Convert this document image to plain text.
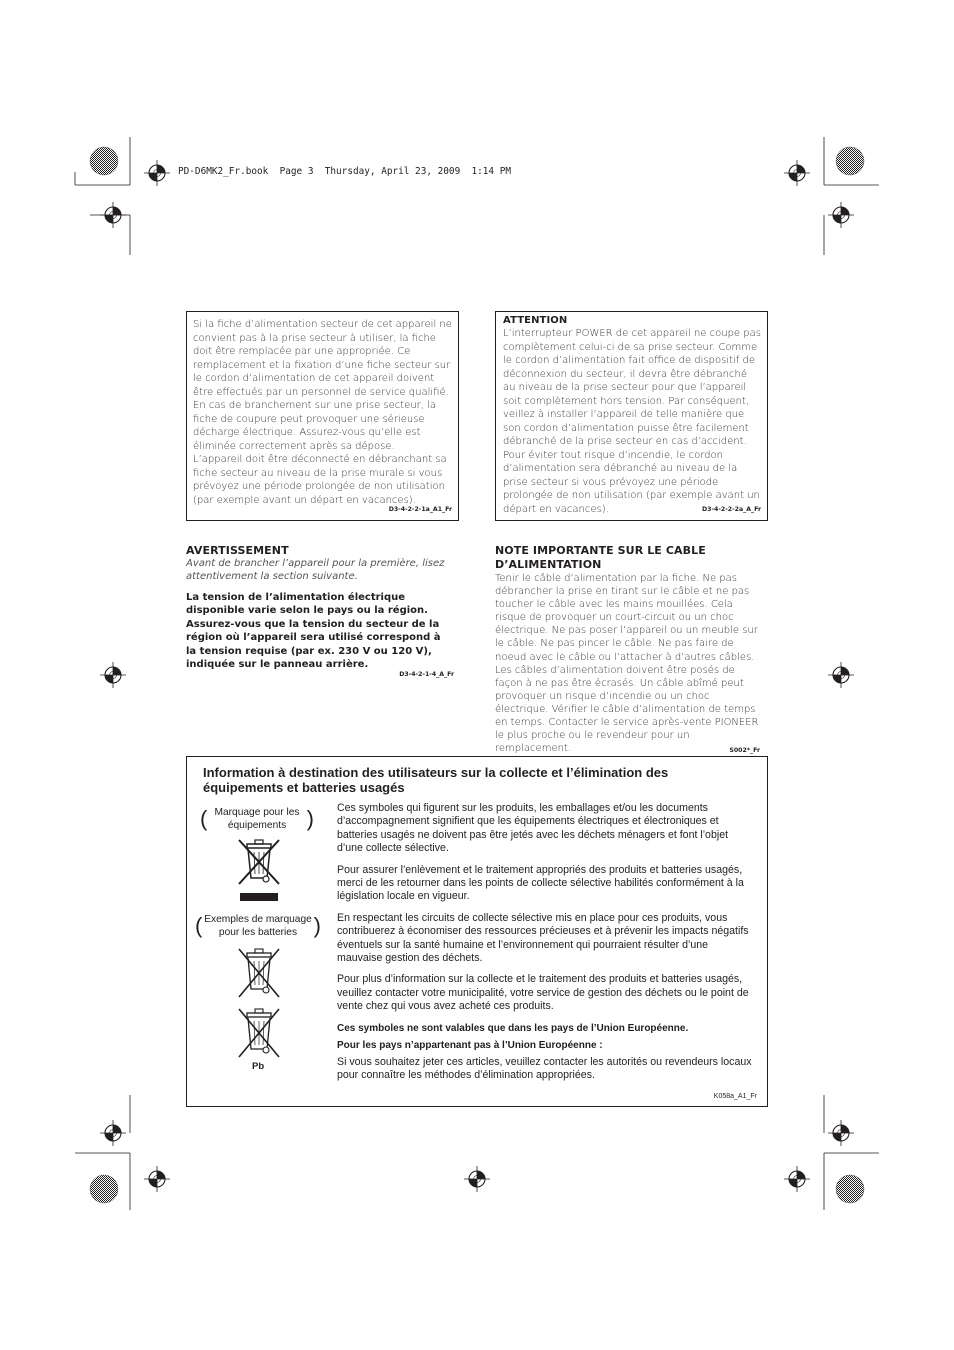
PD-D6MK2_Fr.book  Page 3  Thursday, April 23, 2009  1:14 PM

Si la fiche d’alimentation secteur de cet appareil ne convient pas à la prise secteur à utiliser, la fiche doit être remplacée par une appropriée. Ce remplacement et la fixation d’une fiche secteur sur le cordon d’alimentation de cet appareil doivent être effectués par un personnel de service qualifié. En cas de branchement sur une prise secteur, la fiche de coupure peut provoquer une sérieuse décharge électrique. Assurez-vous qu’elle est éliminée correctement après sa dépose.

L’appareil doit être déconnecté en débranchant sa fiche secteur au niveau de la prise murale si vous prévoyez une période prolongée de non utilisation (par exemple avant un départ en vacances).

D3-4-2-2-1a_A1_Fr
ATTENTION

L’interrupteur POWER de cet appareil ne coupe pas complètement celui-ci de sa prise secteur. Comme le cordon d’alimentation fait office de dispositif de déconnexion du secteur, il devra être débranché au niveau de la prise secteur pour que l’appareil soit complètement hors tension. Par conséquent, veillez à installer l’appareil de telle manière que son cordon d’alimentation puisse être facilement débranché de la prise secteur en cas d’accident. Pour éviter tout risque d’incendie, le cordon d’alimentation sera débranché au niveau de la prise secteur si vous prévoyez une période prolongée de non utilisation (par exemple avant un départ en vacances).	D3-4-2-2-2a_A_Fr
AVERTISSEMENT
Avant de brancher l’appareil pour la première, lisez attentivement la section suivante.
La tension de l’alimentation électrique disponible varie selon le pays ou la région. Assurez-vous que la tension du secteur de la région où l’appareil sera utilisé correspond à la tension requise (par ex. 230 V ou 120 V), indiquée sur le panneau arrière.
D3-4-2-1-4_A_Fr
NOTE IMPORTANTE SUR LE CABLE D’ALIMENTATION

Tenir le câble d’alimentation par la fiche. Ne pas débrancher la prise en tirant sur le câble et ne pas toucher le câble avec les mains mouillées. Cela risque de provoquer un court-circuit ou un choc électrique. Ne pas poser l’appareil ou un meuble sur le câble. Ne pas pincer le câble. Ne pas faire de noeud avec le câble ou l’attacher à d’autres câbles. Les câbles d’alimentation doivent être posés de façon à ne pas être écrasés. Un câble abîmé peut provoquer un risque d’incendie ou un choc électrique. Vérifier le câble d’alimentation de temps en temps. Contacter le service après-vente PIONEER le plus proche ou le revendeur pour un remplacement.	S002*_Fr
Information à destination des utilisateurs sur la collecte et l’élimination des équipements et batteries usagés
( Marquage pour les équipements )
( Exemples de marquage pour les batteries )
Pb

Ces symboles qui figurent sur les produits, les emballages et/ou les documents d’accompagnement signifient que les équipements électriques et électroniques et batteries usagés ne doivent pas être jetés avec les déchets ménagers et font l’objet d’une collecte sélective.

Pour assurer l’enlèvement et le traitement appropriés des produits et batteries usagés, merci de les retourner dans les points de collecte sélective habilités conformément à la législation locale en vigueur.

En respectant les circuits de collecte sélective mis en place pour ces produits, vous contribuerez à économiser des ressources précieuses et à prévenir les impacts négatifs éventuels sur la santé humaine et l’environnement qui pourraient résulter d’une mauvaise gestion des déchets.

Pour plus d’information sur la collecte et le traitement des produits et batteries usagés, veuillez contacter votre municipalité, votre service de gestion des déchets ou le point de vente chez qui vous avez acheté ces produits.

Ces symboles ne sont valables que dans les pays de l’Union Européenne.

Pour les pays n’appartenant pas à l’Union Européenne :

Si vous souhaitez jeter ces articles, veuillez contacter les autorités ou revendeurs locaux pour connaître les méthodes d’élimination appropriées.

K058a_A1_Fr
